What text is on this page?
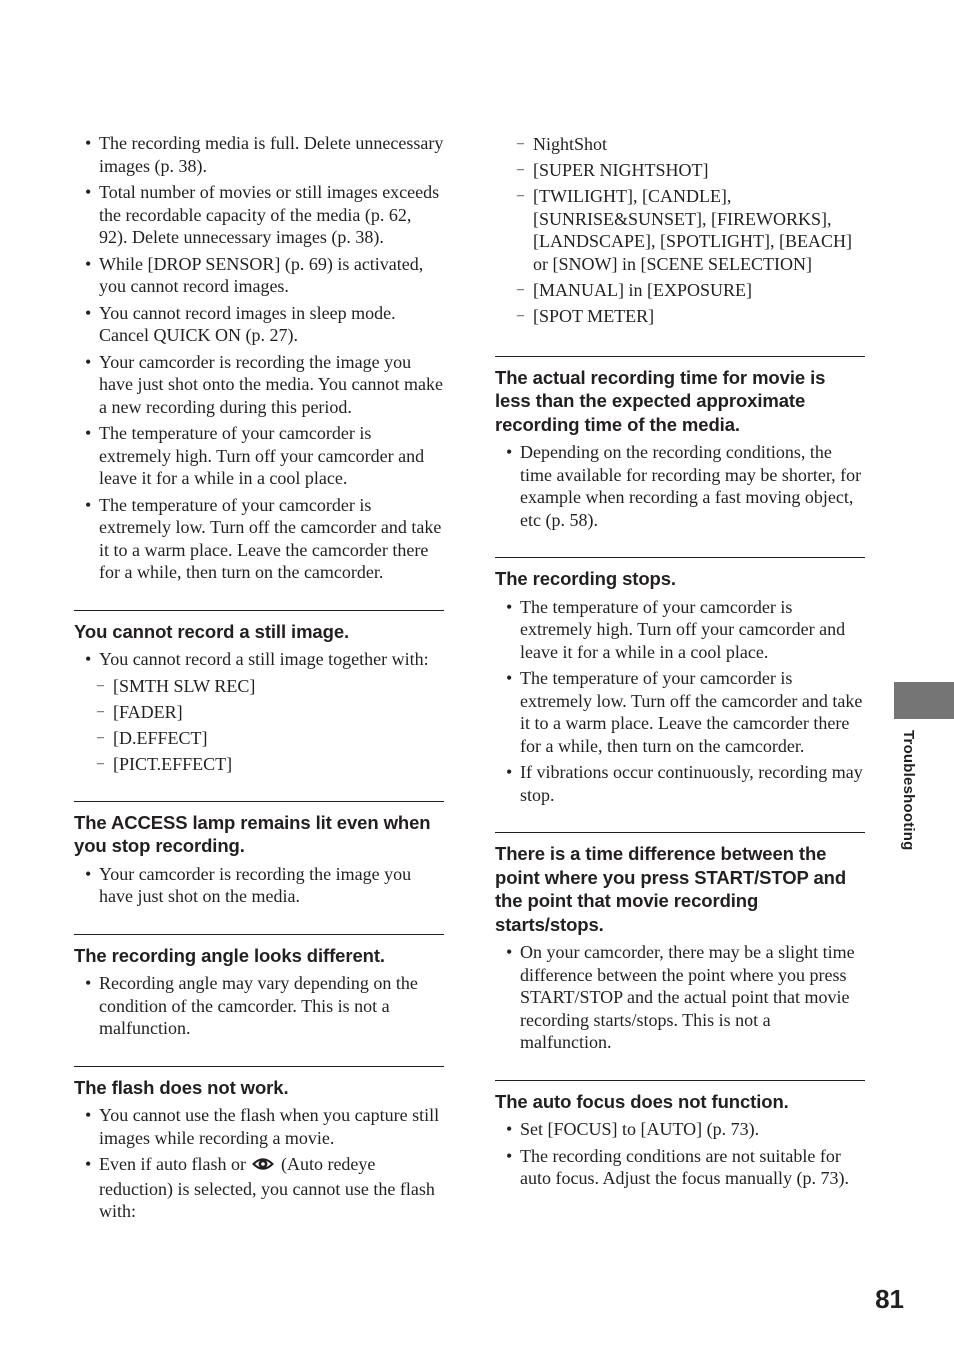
• The recording media is full. Delete unnecessary images (p. 38).
• Total number of movies or still images exceeds the recordable capacity of the media (p. 62, 92). Delete unnecessary images (p. 38).
• While [DROP SENSOR] (p. 69) is activated, you cannot record images.
• You cannot record images in sleep mode. Cancel QUICK ON (p. 27).
• Your camcorder is recording the image you have just shot onto the media. You cannot make a new recording during this period.
• The temperature of your camcorder is extremely high. Turn off your camcorder and leave it for a while in a cool place.
• The temperature of your camcorder is extremely low. Turn off the camcorder and take it to a warm place. Leave the camcorder there for a while, then turn on the camcorder.
You cannot record a still image.
• You cannot record a still image together with:
– [SMTH SLW REC]
– [FADER]
– [D.EFFECT]
– [PICT.EFFECT]
The ACCESS lamp remains lit even when you stop recording.
• Your camcorder is recording the image you have just shot on the media.
The recording angle looks different.
• Recording angle may vary depending on the condition of the camcorder. This is not a malfunction.
The flash does not work.
• You cannot use the flash when you capture still images while recording a movie.
• Even if auto flash or (Auto redeye reduction) is selected, you cannot use the flash with:
– NightShot
– [SUPER NIGHTSHOT]
– [TWILIGHT], [CANDLE], [SUNRISE&SUNSET], [FIREWORKS], [LANDSCAPE], [SPOTLIGHT], [BEACH] or [SNOW] in [SCENE SELECTION]
– [MANUAL] in [EXPOSURE]
– [SPOT METER]
The actual recording time for movie is less than the expected approximate recording time of the media.
• Depending on the recording conditions, the time available for recording may be shorter, for example when recording a fast moving object, etc (p. 58).
The recording stops.
• The temperature of your camcorder is extremely high. Turn off your camcorder and leave it for a while in a cool place.
• The temperature of your camcorder is extremely low. Turn off the camcorder and take it to a warm place. Leave the camcorder there for a while, then turn on the camcorder.
• If vibrations occur continuously, recording may stop.
There is a time difference between the point where you press START/STOP and the point that movie recording starts/stops.
• On your camcorder, there may be a slight time difference between the point where you press START/STOP and the actual point that movie recording starts/stops. This is not a malfunction.
The auto focus does not function.
• Set [FOCUS] to [AUTO] (p. 73).
• The recording conditions are not suitable for auto focus. Adjust the focus manually (p. 73).
Troubleshooting
81
